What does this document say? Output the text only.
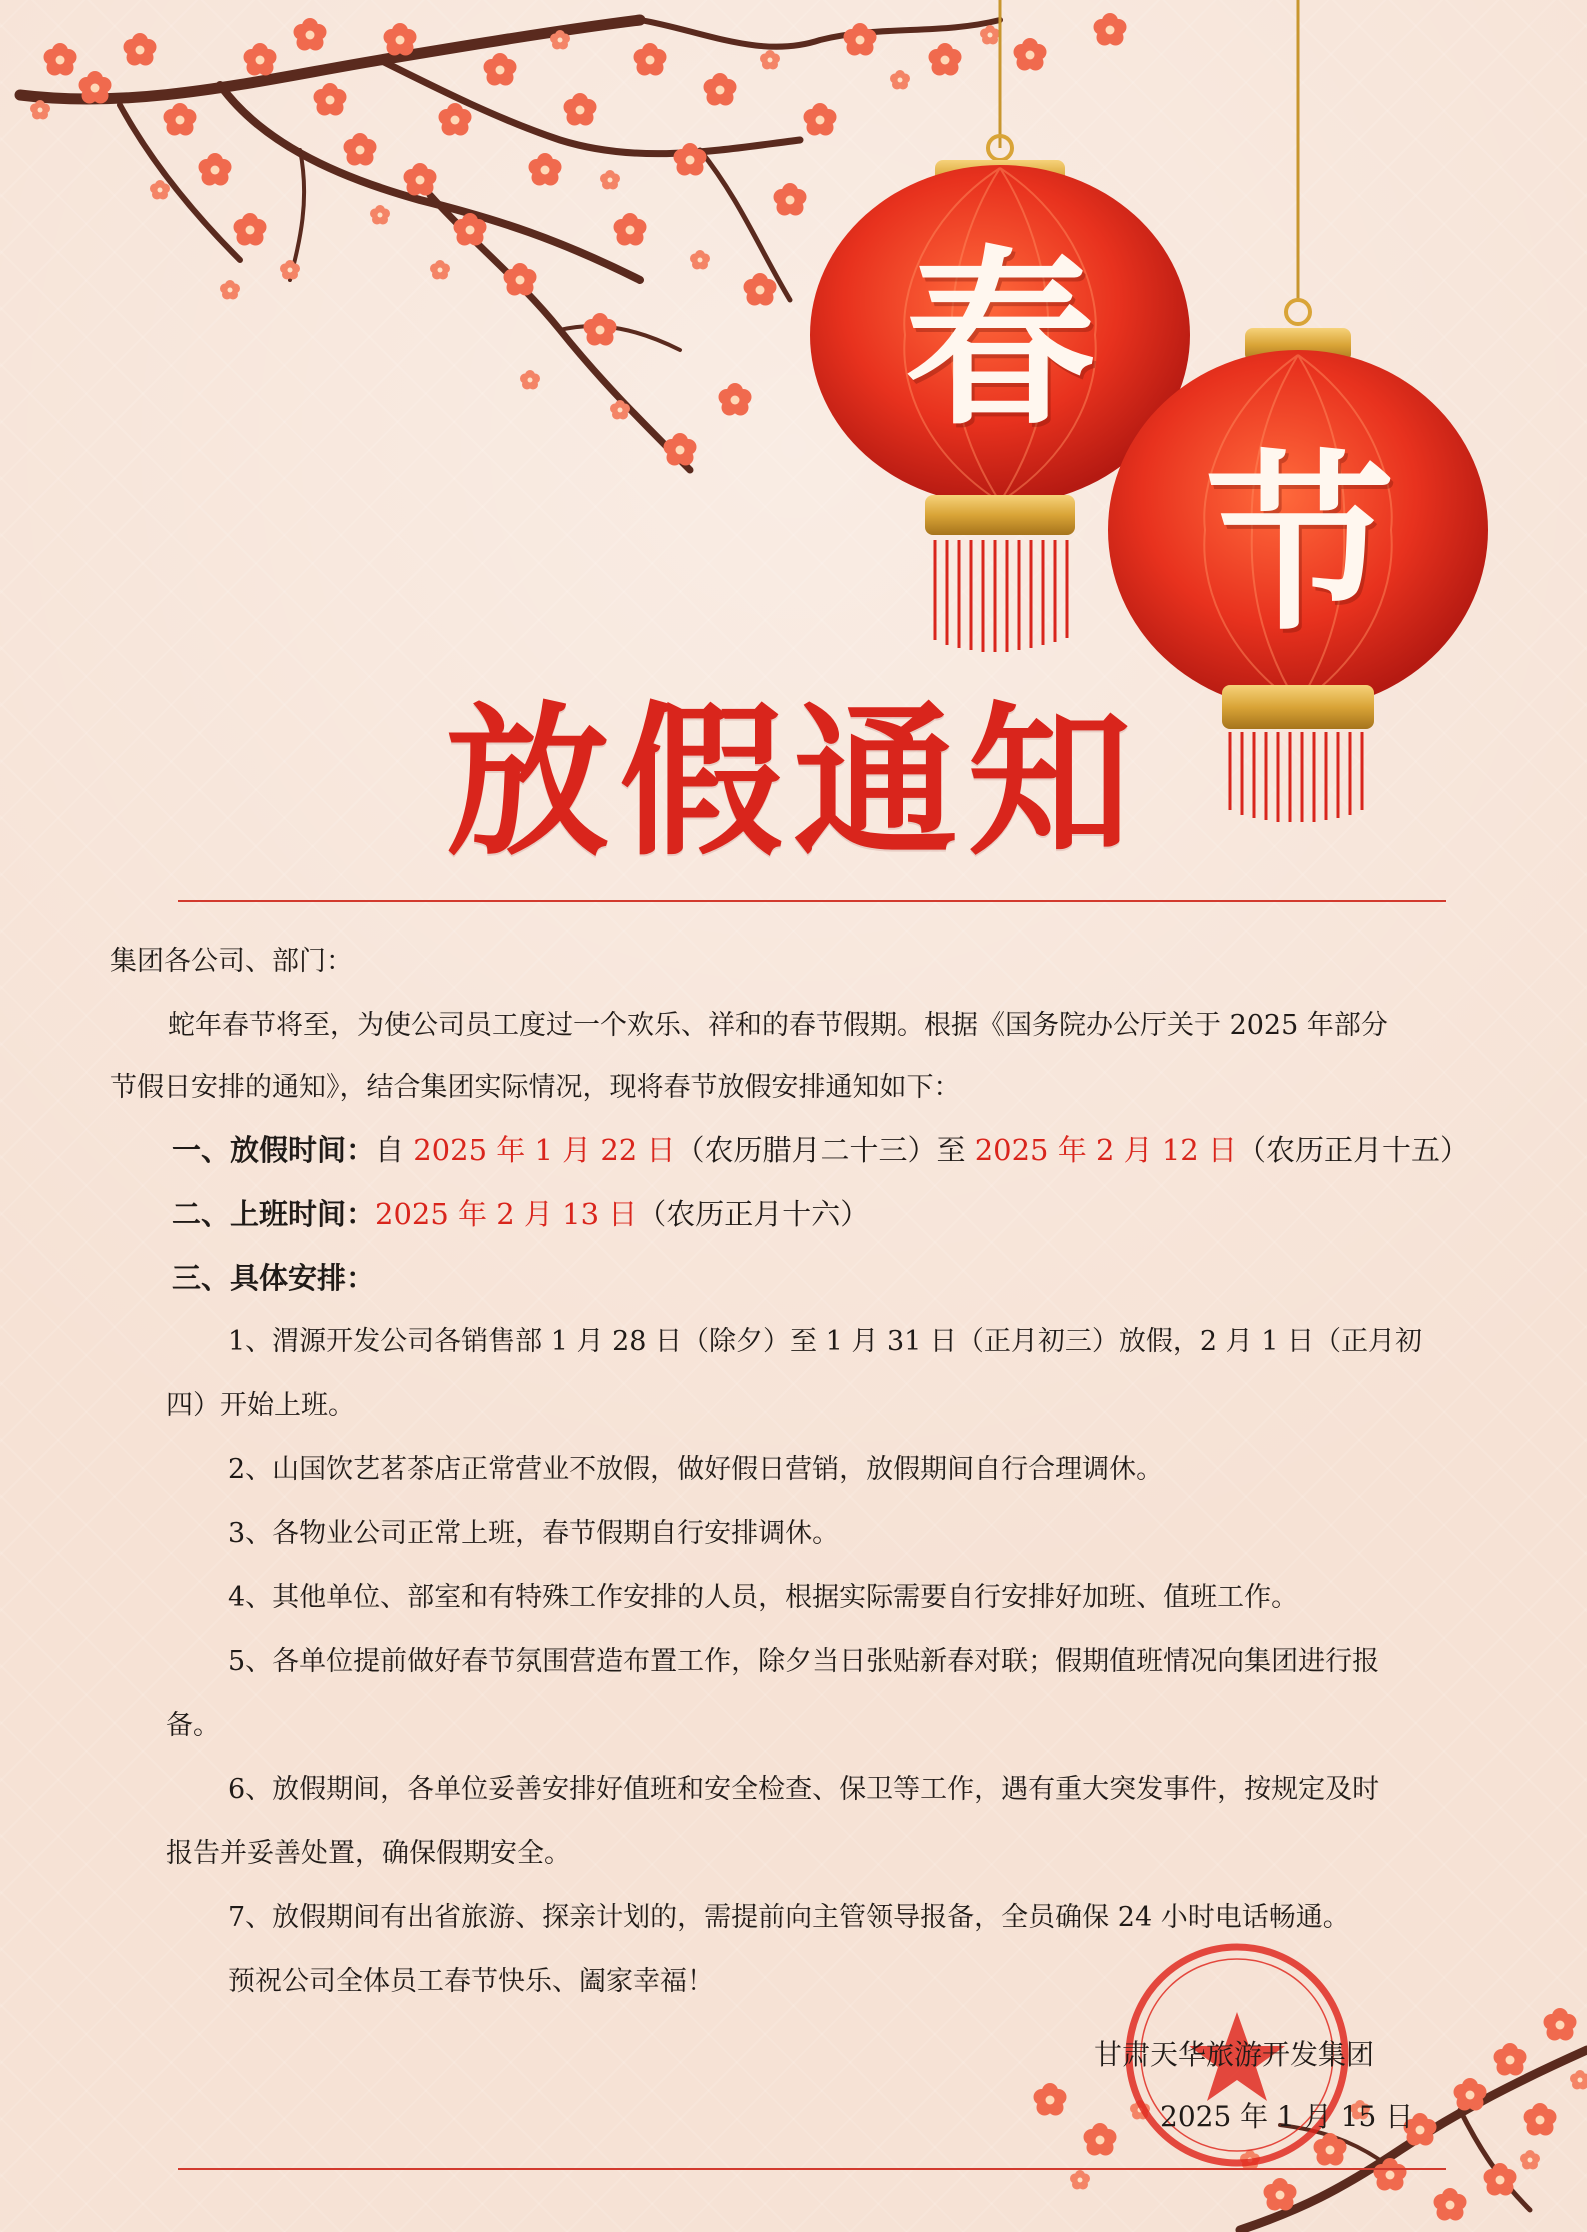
春
节
放假通知
集团各公司、部门：
蛇年春节将至，为使公司员工度过一个欢乐、祥和的春节假期。根据《国务院办公厅关于 2025 年部分
节假日安排的通知》，结合集团实际情况，现将春节放假安排通知如下：
一、放假时间：自 2025 年 1 月 22 日（农历腊月二十三）至 2025 年 2 月 12 日（农历正月十五）
二、上班时间：2025 年 2 月 13 日（农历正月十六）
三、具体安排：
1、渭源开发公司各销售部 1 月 28 日（除夕）至 1 月 31 日（正月初三）放假，2 月 1 日（正月初
四）开始上班。
2、山国饮艺茗茶店正常营业不放假，做好假日营销，放假期间自行合理调休。
3、各物业公司正常上班，春节假期自行安排调休。
4、其他单位、部室和有特殊工作安排的人员，根据实际需要自行安排好加班、值班工作。
5、各单位提前做好春节氛围营造布置工作，除夕当日张贴新春对联；假期值班情况向集团进行报
备。
6、放假期间，各单位妥善安排好值班和安全检查、保卫等工作，遇有重大突发事件，按规定及时
报告并妥善处置，确保假期安全。
7、放假期间有出省旅游、探亲计划的，需提前向主管领导报备，全员确保 24 小时电话畅通。
预祝公司全体员工春节快乐、阖家幸福！
甘肃天华旅游开发集团
2025 年 1 月 15 日
